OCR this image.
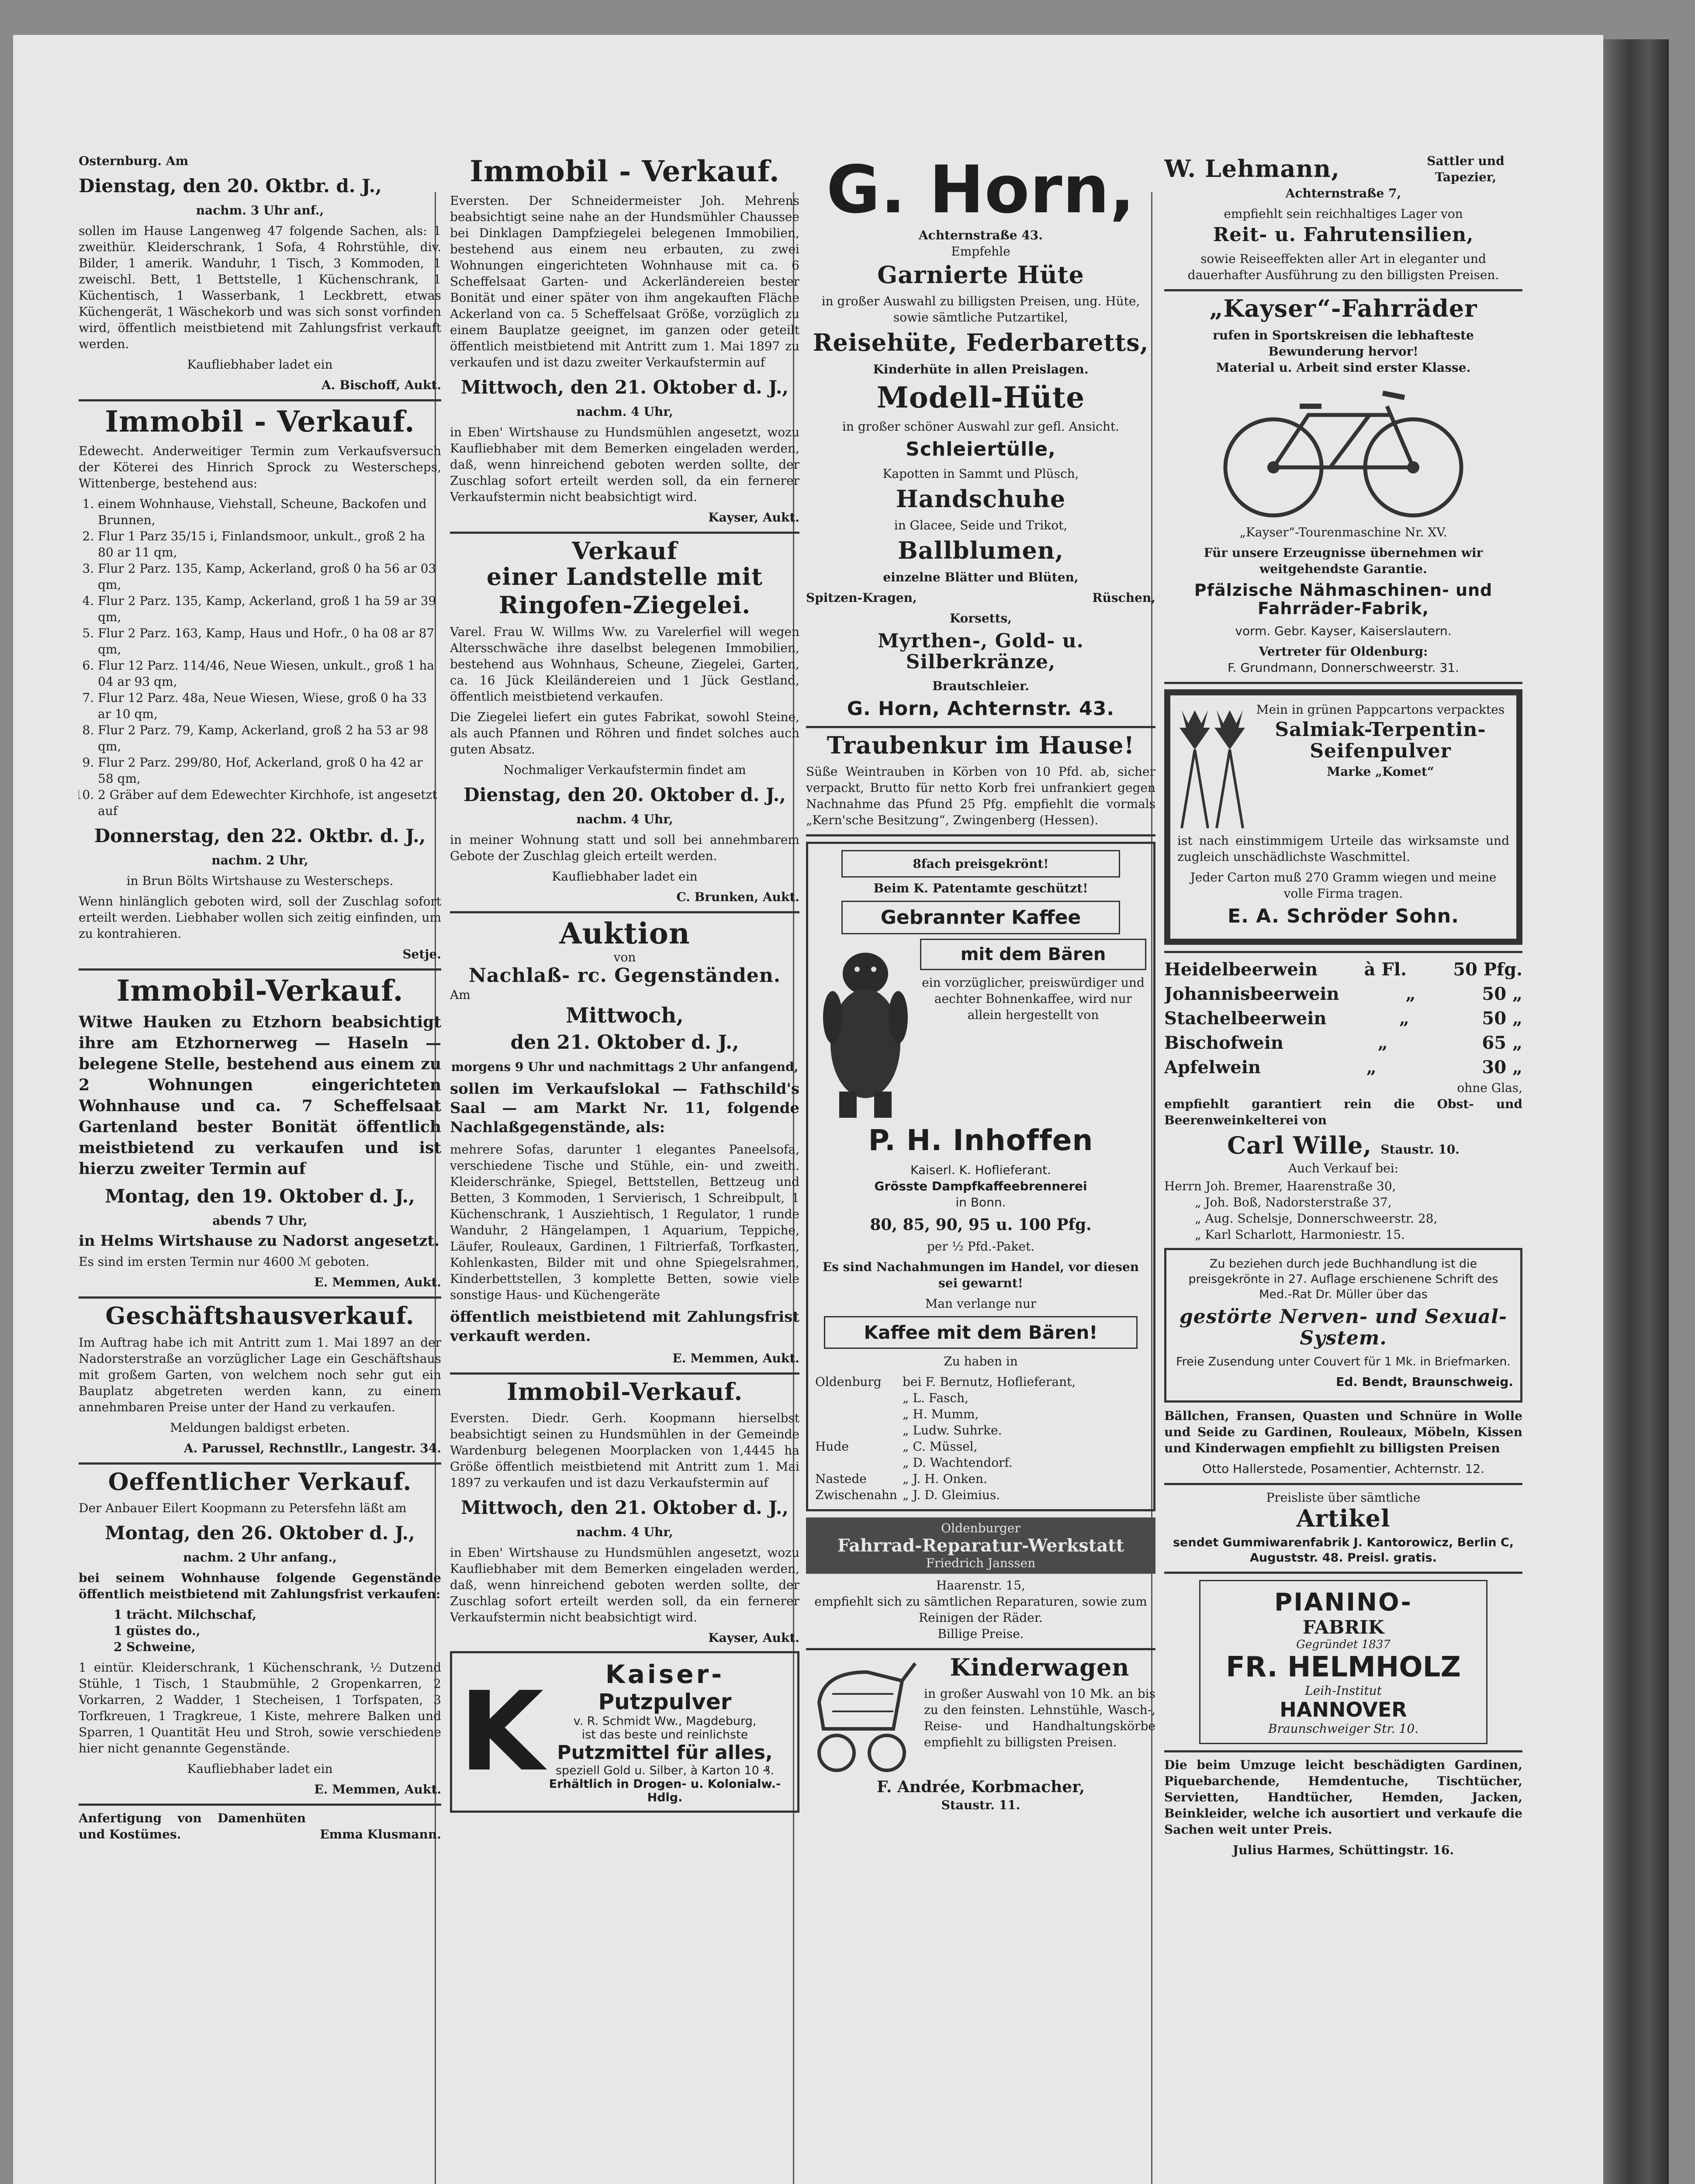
Osternburg. Am

Dienstag, den 20. Oktbr. d. J.,

nachm. 3 Uhr anf.,

sollen im Hause Langenweg 47 folgende Sachen, als: 1 zweithür. Kleiderschrank, 1 Sofa, 4 Rohrstühle, div. Bilder, 1 amerik. Wanduhr, 1 Tisch, 3 Kommoden, 1 zweischl. Bett, 1 Bettstelle, 1 Küchenschrank, 1 Küchentisch, 1 Wasserbank, 1 Leckbrett, etwas Küchengerät, 1 Wäschekorb und was sich sonst vorfinden wird, öffentlich meistbietend mit Zahlungsfrist verkauft werden.

Kaufliebhaber ladet ein

A. Bischoff, Aukt.

Immobil - Verkauf.

Edewecht. Anderweitiger Termin zum Verkaufsversuch der Köterei des Hinrich Sprock zu Westerscheps, Wittenberge, bestehend aus:

1. einem Wohnhause, Viehstall, Scheune, Backofen und Brunnen,
2. Flur 1 Parz 35/15 i, Finlandsmoor, unkult., groß 2 ha 80 ar 11 qm,
3. Flur 2 Parz. 135, Kamp, Ackerland, groß 0 ha 56 ar 03 qm,
4. Flur 2 Parz. 135, Kamp, Ackerland, groß 1 ha 59 ar 39 qm,
5. Flur 2 Parz. 163, Kamp, Haus und Hofr., 0 ha 08 ar 87 qm,
6. Flur 12 Parz. 114/46, Neue Wiesen, unkult., groß 1 ha 04 ar 93 qm,
7. Flur 12 Parz. 48a, Neue Wiesen, Wiese, groß 0 ha 33 ar 10 qm,
8. Flur 2 Parz. 79, Kamp, Ackerland, groß 2 ha 53 ar 98 qm,
9. Flur 2 Parz. 299/80, Hof, Ackerland, groß 0 ha 42 ar 58 qm,
10. 2 Gräber auf dem Edewechter Kirchhofe, ist angesetzt auf
Donnerstag, den 22. Oktbr. d. J.,

nachm. 2 Uhr,

in Brun Bölts Wirtshause zu Westerscheps.

Wenn hinlänglich geboten wird, soll der Zuschlag sofort erteilt werden. Liebhaber wollen sich zeitig einfinden, um zu kontrahieren.

Setje.

Immobil-Verkauf.

Witwe Hauken zu Etzhorn beabsichtigt ihre am Etzhornerweg — Haseln — belegene Stelle, bestehend aus einem zu 2 Wohnungen eingerichteten Wohnhause und ca. 7 Scheffelsaat Gartenland bester Bonität öffentlich meistbietend zu verkaufen und ist hierzu zweiter Termin auf

Montag, den 19. Oktober d. J.,

abends 7 Uhr,

in Helms Wirtshause zu Nadorst angesetzt.

Es sind im ersten Termin nur 4600 ℳ geboten.

E. Memmen, Aukt.

Geschäftshausverkauf.

Im Auftrag habe ich mit Antritt zum 1. Mai 1897 an der Nadorsterstraße an vorzüglicher Lage ein Geschäftshaus mit großem Garten, von welchem noch sehr gut ein Bauplatz abgetreten werden kann, zu einem annehmbaren Preise unter der Hand zu verkaufen.

Meldungen baldigst erbeten.

A. Parussel, Rechnstllr., Langestr. 34.

Oeffentlicher Verkauf.

Der Anbauer Eilert Koopmann zu Petersfehn läßt am

Montag, den 26. Oktober d. J.,

nachm. 2 Uhr anfang.,

bei seinem Wohnhause folgende Gegenstände öffentlich meistbietend mit Zahlungsfrist verkaufen:

1 trächt. Milchschaf,

1 güstes do.,

2 Schweine,

1 eintür. Kleiderschrank, 1 Küchenschrank, ½ Dutzend Stühle, 1 Tisch, 1 Staubmühle, 2 Gropenkarren, 2 Vorkarren, 2 Wadder, 1 Stecheisen, 1 Torfspaten, 3 Torfkreuen, 1 Tragkreue, 1 Kiste, mehrere Balken und Sparren, 1 Quantität Heu und Stroh, sowie verschiedene hier nicht genannte Gegenstände.

Kaufliebhaber ladet ein

E. Memmen, Aukt.

Anfertigung von Damenhüten und Kostümes.	Emma Klusmann.

Immobil - Verkauf.

Eversten. Der Schneidermeister Joh. Mehrens beabsichtigt seine nahe an der Hundsmühler Chaussee bei Dinklagen Dampfziegelei belegenen Immobilien, bestehend aus einem neu erbauten, zu zwei Wohnungen eingerichteten Wohnhause mit ca. 6 Scheffelsaat Garten- und Ackerländereien bester Bonität und einer später von ihm angekauften Fläche Ackerland von ca. 5 Scheffelsaat Größe, vorzüglich zu einem Bauplatze geeignet, im ganzen oder geteilt öffentlich meistbietend mit Antritt zum 1. Mai 1897 zu verkaufen und ist dazu zweiter Verkaufstermin auf

Mittwoch, den 21. Oktober d. J.,

nachm. 4 Uhr,

in Eben' Wirtshause zu Hundsmühlen angesetzt, wozu Kaufliebhaber mit dem Bemerken eingeladen werden, daß, wenn hinreichend geboten werden sollte, der Zuschlag sofort erteilt werden soll, da ein fernerer Verkaufstermin nicht beabsichtigt wird.

Kayser, Aukt.

Verkauf
einer Landstelle mit
Ringofen-Ziegelei.

Varel. Frau W. Willms Ww. zu Varelerfiel will wegen Altersschwäche ihre daselbst belegenen Immobilien, bestehend aus Wohnhaus, Scheune, Ziegelei, Garten, ca. 16 Jück Kleiländereien und 1 Jück Gestland, öffentlich meistbietend verkaufen.

Die Ziegelei liefert ein gutes Fabrikat, sowohl Steine, als auch Pfannen und Röhren und findet solches auch guten Absatz.

Nochmaliger Verkaufstermin findet am

Dienstag, den 20. Oktober d. J.,

nachm. 4 Uhr,

in meiner Wohnung statt und soll bei annehmbarem Gebote der Zuschlag gleich erteilt werden.

Kaufliebhaber ladet ein

C. Brunken, Aukt.

Auktion

von

Nachlaß- rc. Gegenständen.

Am

Mittwoch,
den 21. Oktober d. J.,

morgens 9 Uhr und nachmittags 2 Uhr anfangend,

sollen im Verkaufslokal — Fathschild's Saal — am Markt Nr. 11, folgende Nachlaßgegenstände, als:

mehrere Sofas, darunter 1 elegantes Paneelsofa, verschiedene Tische und Stühle, ein- und zweith. Kleiderschränke, Spiegel, Bettstellen, Bettzeug und Betten, 3 Kommoden, 1 Servierisch, 1 Schreibpult, 1 Küchenschrank, 1 Ausziehtisch, 1 Regulator, 1 runde Wanduhr, 2 Hängelampen, 1 Aquarium, Teppiche, Läufer, Rouleaux, Gardinen, 1 Filtrierfaß, Torfkasten, Kohlenkasten, Bilder mit und ohne Spiegelsrahmen, Kinderbettstellen, 3 komplette Betten, sowie viele sonstige Haus- und Küchengeräte

öffentlich meistbietend mit Zahlungsfrist verkauft werden.

E. Memmen, Aukt.

Immobil-Verkauf.

Eversten. Diedr. Gerh. Koopmann hierselbst beabsichtigt seinen zu Hundsmühlen in der Gemeinde Wardenburg belegenen Moorplacken von 1,4445 ha Größe öffentlich meistbietend mit Antritt zum 1. Mai 1897 zu verkaufen und ist dazu Verkaufstermin auf

Mittwoch, den 21. Oktober d. J.,

nachm. 4 Uhr,

in Eben' Wirtshause zu Hundsmühlen angesetzt, wozu Kaufliebhaber mit dem Bemerken eingeladen werden, daß, wenn hinreichend geboten werden sollte, der Zuschlag sofort erteilt werden soll, da ein fernerer Verkaufstermin nicht beabsichtigt wird.

Kayser, Aukt.

K	Kaiser-
Putzpulver
v. R. Schmidt Ww., Magdeburg,
ist das beste und reinlichste
Putzmittel für alles,
speziell Gold u. Silber, à Karton 10 ₰.
Erhältlich in Drogen- u. Kolonialw.-Hdlg.
G. Horn,

Achternstraße 43.

Empfehle

Garnierte Hüte

in großer Auswahl zu billigsten Preisen, ung. Hüte, sowie sämtliche Putzartikel,

Reisehüte, Federbaretts,

Kinderhüte in allen Preislagen.

Modell-Hüte

in großer schöner Auswahl zur gefl. Ansicht.

Schleiertülle,

Kapotten in Sammt und Plüsch,

Handschuhe

in Glacee, Seide und Trikot,

Ballblumen,

einzelne Blätter und Blüten,

Spitzen-Kragen,	Rüschen,

Korsetts,

Myrthen-, Gold- u. Silberkränze,

Brautschleier.

G. Horn, Achternstr. 43.
Traubenkur im Hause!

Süße Weintrauben in Körben von 10 Pfd. ab, sicher verpackt, Brutto für netto Korb frei unfrankiert gegen Nachnahme das Pfund 25 Pfg. empfiehlt die vormals „Kern'sche Besitzung“, Zwingenberg (Hessen).

8fach preisgekrönt!

Beim K. Patentamte geschützt!

Gebrannter Kaffee
mit dem Bären

ein vorzüglicher, preiswürdiger und aechter Bohnenkaffee, wird nur allein hergestellt von

P. H. Inhoffen

Kaiserl. K. Hoflieferant.

Grösste Dampfkaffeebrennerei

in Bonn.

80, 85, 90, 95 u. 100 Pfg.

per ½ Pfd.-Paket.

Es sind Nachahmungen im Handel, vor diesen sei gewarnt!

Man verlange nur

Kaffee mit dem Bären!

Zu haben in

Oldenburg	bei F. Bernutz, Hoflieferant,

„ L. Fasch,

„ H. Mumm,

„ Ludw. Suhrke.

Hude	„ C. Müssel,

„ D. Wachtendorf.

Nastede	„ J. H. Onken.

Zwischenahn „ J. D. Gleimius.

Oldenburger
Fahrrad-Reparatur-Werkstatt
Friedrich Janssen

Haarenstr. 15,

empfiehlt sich zu sämtlichen Reparaturen, sowie zum Reinigen der Räder.

Billige Preise.

Kinderwagen

in großer Auswahl von 10 Mk. an bis zu den feinsten. Lehnstühle, Wasch-, Reise- und Handhaltungskörbe empfiehlt zu billigsten Preisen.

F. Andrée, Korbmacher,

Staustr. 11.

W. Lehmann,	Sattler und Tapezier,

Achternstraße 7,

empfiehlt sein reichhaltiges Lager von

Reit- u. Fahrutensilien,

sowie Reiseeffekten aller Art in eleganter und dauerhafter Ausführung zu den billigsten Preisen.

„Kayser“-Fahrräder

rufen in Sportskreisen die lebhafteste Bewunderung hervor!

Material u. Arbeit sind erster Klasse.

„Kayser“-Tourenmaschine Nr. XV.

Für unsere Erzeugnisse übernehmen wir weitgehendste Garantie.

Pfälzische Nähmaschinen- und Fahrräder-Fabrik,

vorm. Gebr. Kayser, Kaiserslautern.

Vertreter für Oldenburg:

F. Grundmann, Donnerschweerstr. 31.

Mein in grünen Pappcartons verpacktes

Salmiak-Terpentin-Seifenpulver

Marke „Komet“

ist nach einstimmigem Urteile das wirksamste und zugleich unschädlichste Waschmittel.

Jeder Carton muß 270 Gramm wiegen und meine volle Firma tragen.

E. A. Schröder Sohn.
Heidelbeerwein	à Fl.	50 Pfg.
Johannisbeerwein	„	50 „
Stachelbeerwein	„	50 „
Bischofwein	„	65 „
Apfelwein	„	30 „

ohne Glas,

empfiehlt garantiert rein die Obst- und Beerenweinkelterei von

Carl Wille, Staustr. 10.

Auch Verkauf bei:

Herrn Joh. Bremer, Haarenstraße 30,

„ Joh. Boß, Nadorsterstraße 37,

„ Aug. Schelsje, Donnerschweerstr. 28,

„ Karl Scharlott, Harmoniestr. 15.

Zu beziehen durch jede Buchhandlung ist die preisgekrönte in 27. Auflage erschienene Schrift des Med.-Rat Dr. Müller über das

gestörte Nerven- und Sexual-System.

Freie Zusendung unter Couvert für 1 Mk. in Briefmarken.

Ed. Bendt, Braunschweig.

Bällchen, Fransen, Quasten und Schnüre in Wolle und Seide zu Gardinen, Rouleaux, Möbeln, Kissen und Kinderwagen empfiehlt zu billigsten Preisen

Otto Hallerstede, Posamentier, Achternstr. 12.

Preisliste über sämtliche

Artikel

sendet Gummiwarenfabrik J. Kantorowicz, Berlin C, Auguststr. 48. Preisl. gratis.

PIANINO-
FABRIK
Gegründet 1837
FR. HELMHOLZ
Leih-Institut
HANNOVER
Braunschweiger Str. 10.

Die beim Umzuge leicht beschädigten Gardinen, Piquebarchende, Hemdentuche, Tischtücher, Servietten, Handtücher, Hemden, Jacken, Beinkleider, welche ich ausortiert und verkaufe die Sachen weit unter Preis.

Julius Harmes, Schüttingstr. 16.
